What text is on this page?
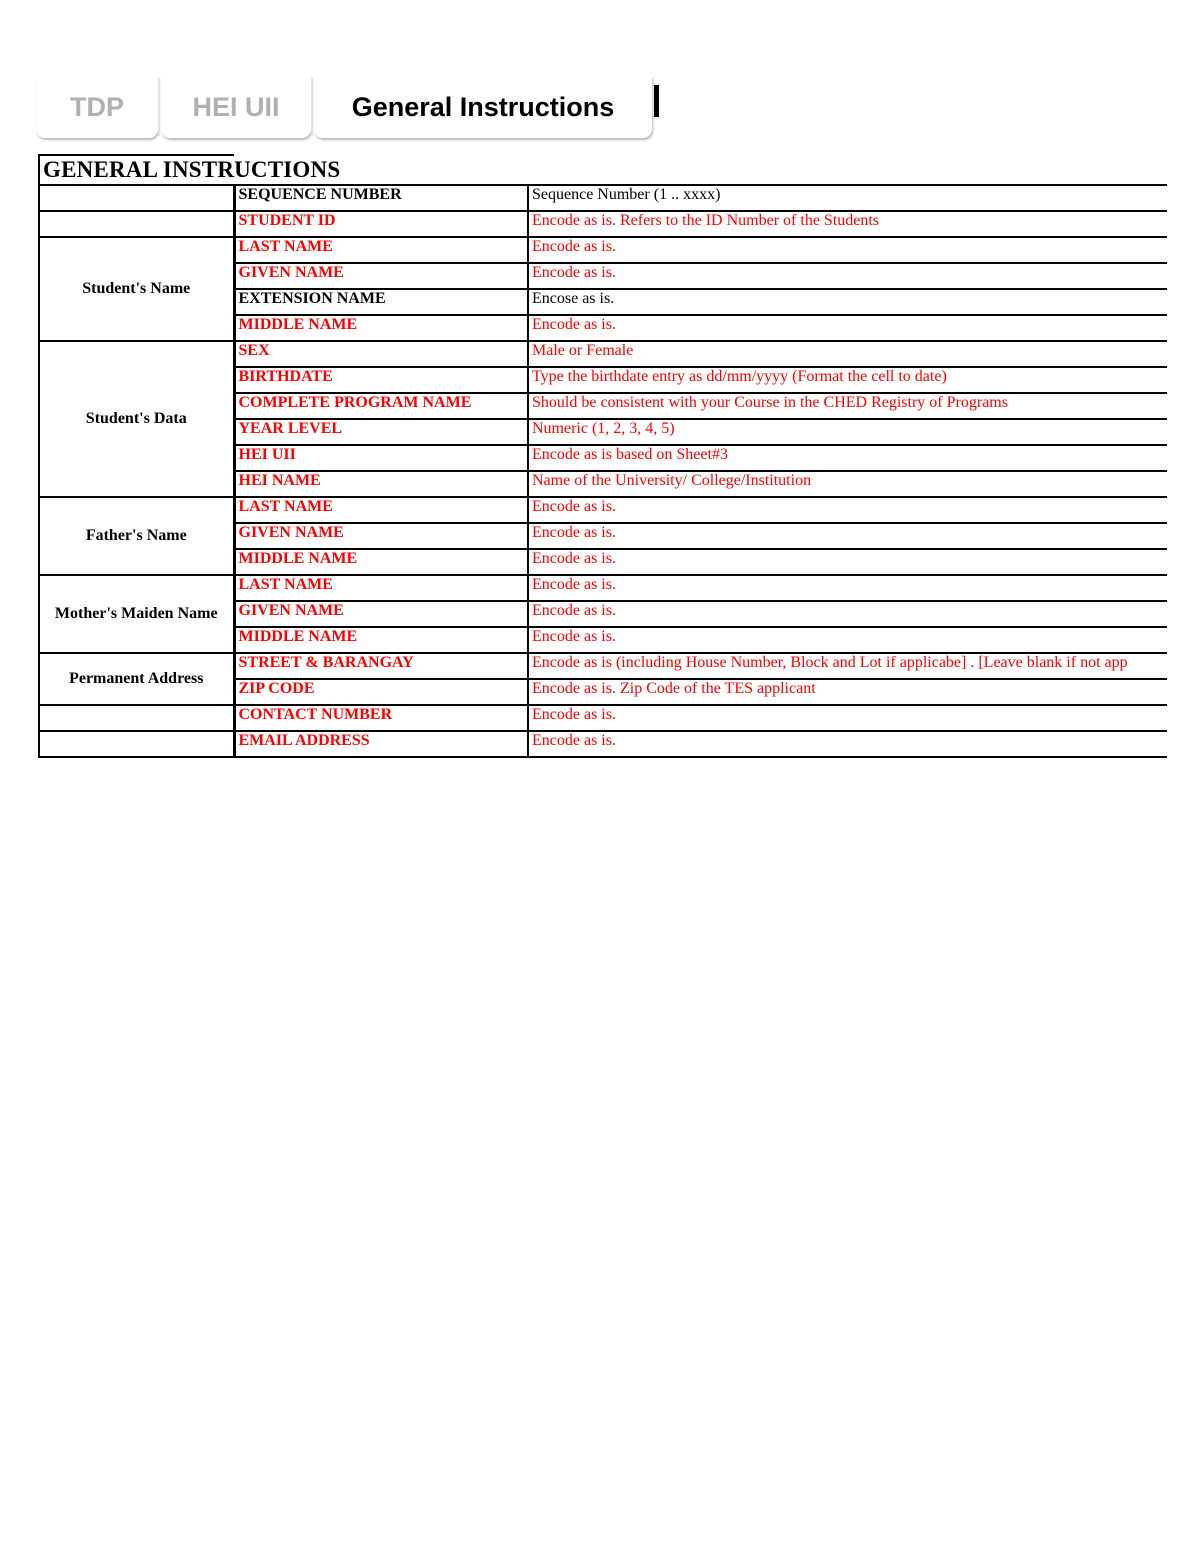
TDP	HEI UII	General Instructions
GENERAL INSTRUCTIONS
	SEQUENCE NUMBER	Sequence Number (1 .. xxxx)
	STUDENT ID	Encode as is. Refers to the ID Number of the Students
Student's Name	LAST NAME	Encode as is.
	GIVEN NAME	Encode as is.
	EXTENSION NAME	Encose as is.
	MIDDLE NAME	Encode as is.
Student's Data	SEX	Male or Female
	BIRTHDATE	Type the birthdate entry as dd/mm/yyyy (Format the cell to date)
	COMPLETE PROGRAM NAME	Should be consistent with your Course in the CHED Registry of Programs
	YEAR LEVEL	Numeric (1, 2, 3, 4, 5)
	HEI UII	Encode as is based on Sheet#3
	HEI NAME	Name of the University/ College/Institution
Father's Name	LAST NAME	Encode as is.
	GIVEN NAME	Encode as is.
	MIDDLE NAME	Encode as is.
Mother's Maiden Name	LAST NAME	Encode as is.
	GIVEN NAME	Encode as is.
	MIDDLE NAME	Encode as is.
Permanent Address	STREET & BARANGAY	Encode as is (including House Number, Block and Lot if applicabe] . [Leave blank if not app
	ZIP CODE	Encode as is. Zip Code of the TES applicant
	CONTACT NUMBER	Encode as is.
	EMAIL ADDRESS	Encode as is.
